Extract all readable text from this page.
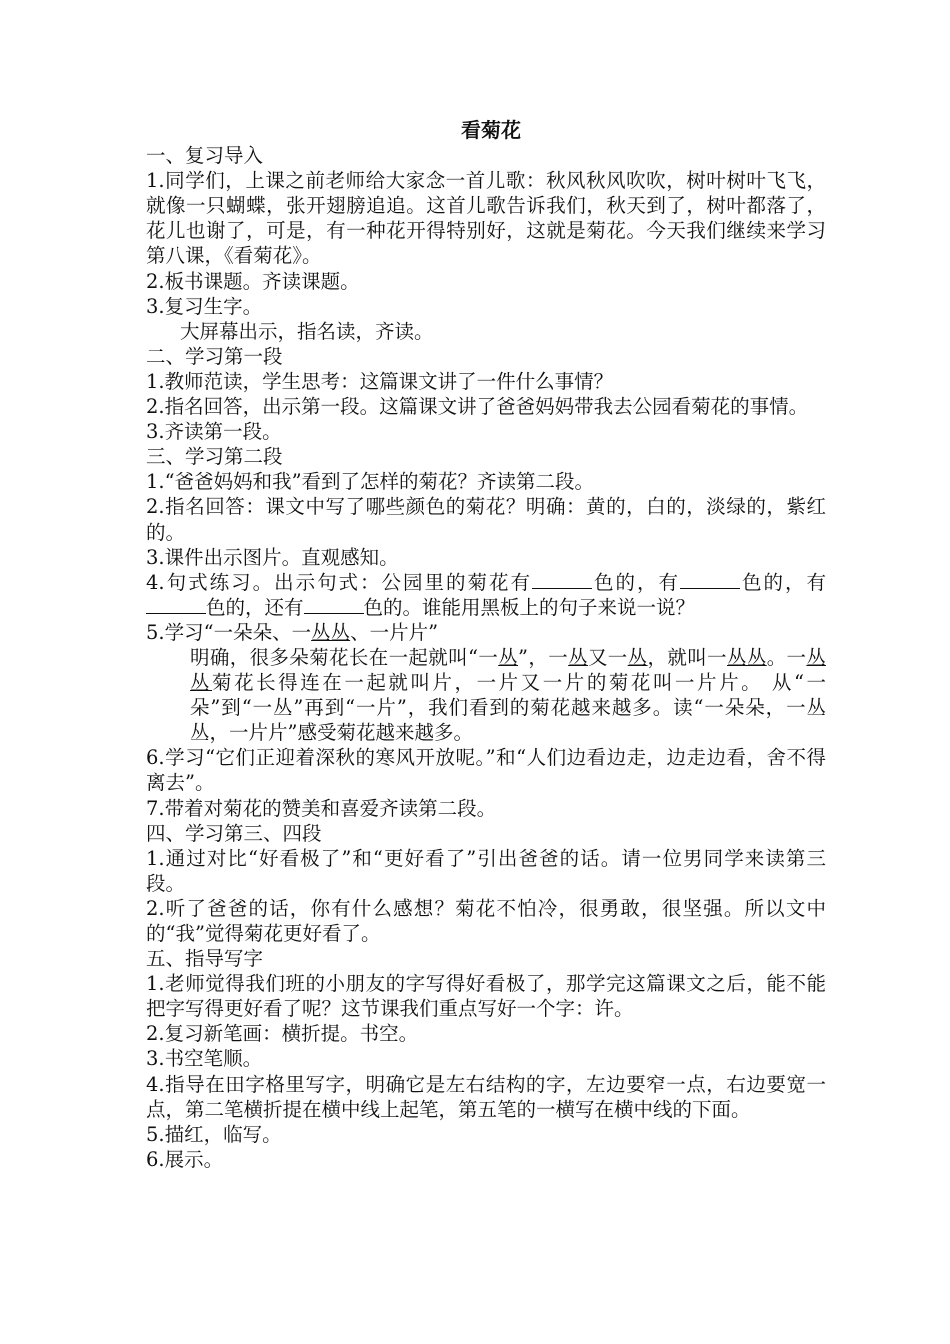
看菊花

一、复习导入

1.同学们，上课之前老师给大家念一首儿歌：秋风秋风吹吹，树叶树叶飞飞，就像一只蝴蝶，张开翅膀追追。这首儿歌告诉我们，秋天到了，树叶都落了，花儿也谢了，可是，有一种花开得特别好，这就是菊花。今天我们继续来学习第八课，《看菊花》。

2.板书课题。齐读课题。

3.复习生字。

大屏幕出示，指名读，齐读。

二、学习第一段

1.教师范读，学生思考：这篇课文讲了一件什么事情？

2.指名回答，出示第一段。这篇课文讲了爸爸妈妈带我去公园看菊花的事情。

3.齐读第一段。

三、学习第二段

1.“爸爸妈妈和我”看到了怎样的菊花？齐读第二段。

2.指名回答：课文中写了哪些颜色的菊花？明确：黄的，白的，淡绿的，紫红的。

3.课件出示图片。直观感知。

4.句式练习。出示句式：公园里的菊花有	色的，有	色的，有色的，还有	色的。谁能用黑板上的句子来说一说？

5.学习“一朵朵、一丛丛、一片片”

明确，很多朵菊花长在一起就叫“一丛”，一丛又一丛，就叫一丛丛。一丛丛菊花长得连在一起就叫片，一片又一片的菊花叫一片片。 从“一朵”到“一丛”再到“一片”，我们看到的菊花越来越多。读“一朵朵，一丛丛，一片片”感受菊花越来越多。

6.学习“它们正迎着深秋的寒风开放呢。”和“人们边看边走，边走边看，舍不得离去”。

7.带着对菊花的赞美和喜爱齐读第二段。

四、学习第三、四段

1.通过对比“好看极了”和“更好看了”引出爸爸的话。请一位男同学来读第三段。

2.听了爸爸的话，你有什么感想？菊花不怕冷，很勇敢，很坚强。所以文中的“我”觉得菊花更好看了。

五、指导写字

1.老师觉得我们班的小朋友的字写得好看极了，那学完这篇课文之后，能不能把字写得更好看了呢？这节课我们重点写好一个字：许。

2.复习新笔画：横折提。书空。

3.书空笔顺。

4.指导在田字格里写字，明确它是左右结构的字，左边要窄一点，右边要宽一点，第二笔横折提在横中线上起笔，第五笔的一横写在横中线的下面。

5.描红，临写。

6.展示。
